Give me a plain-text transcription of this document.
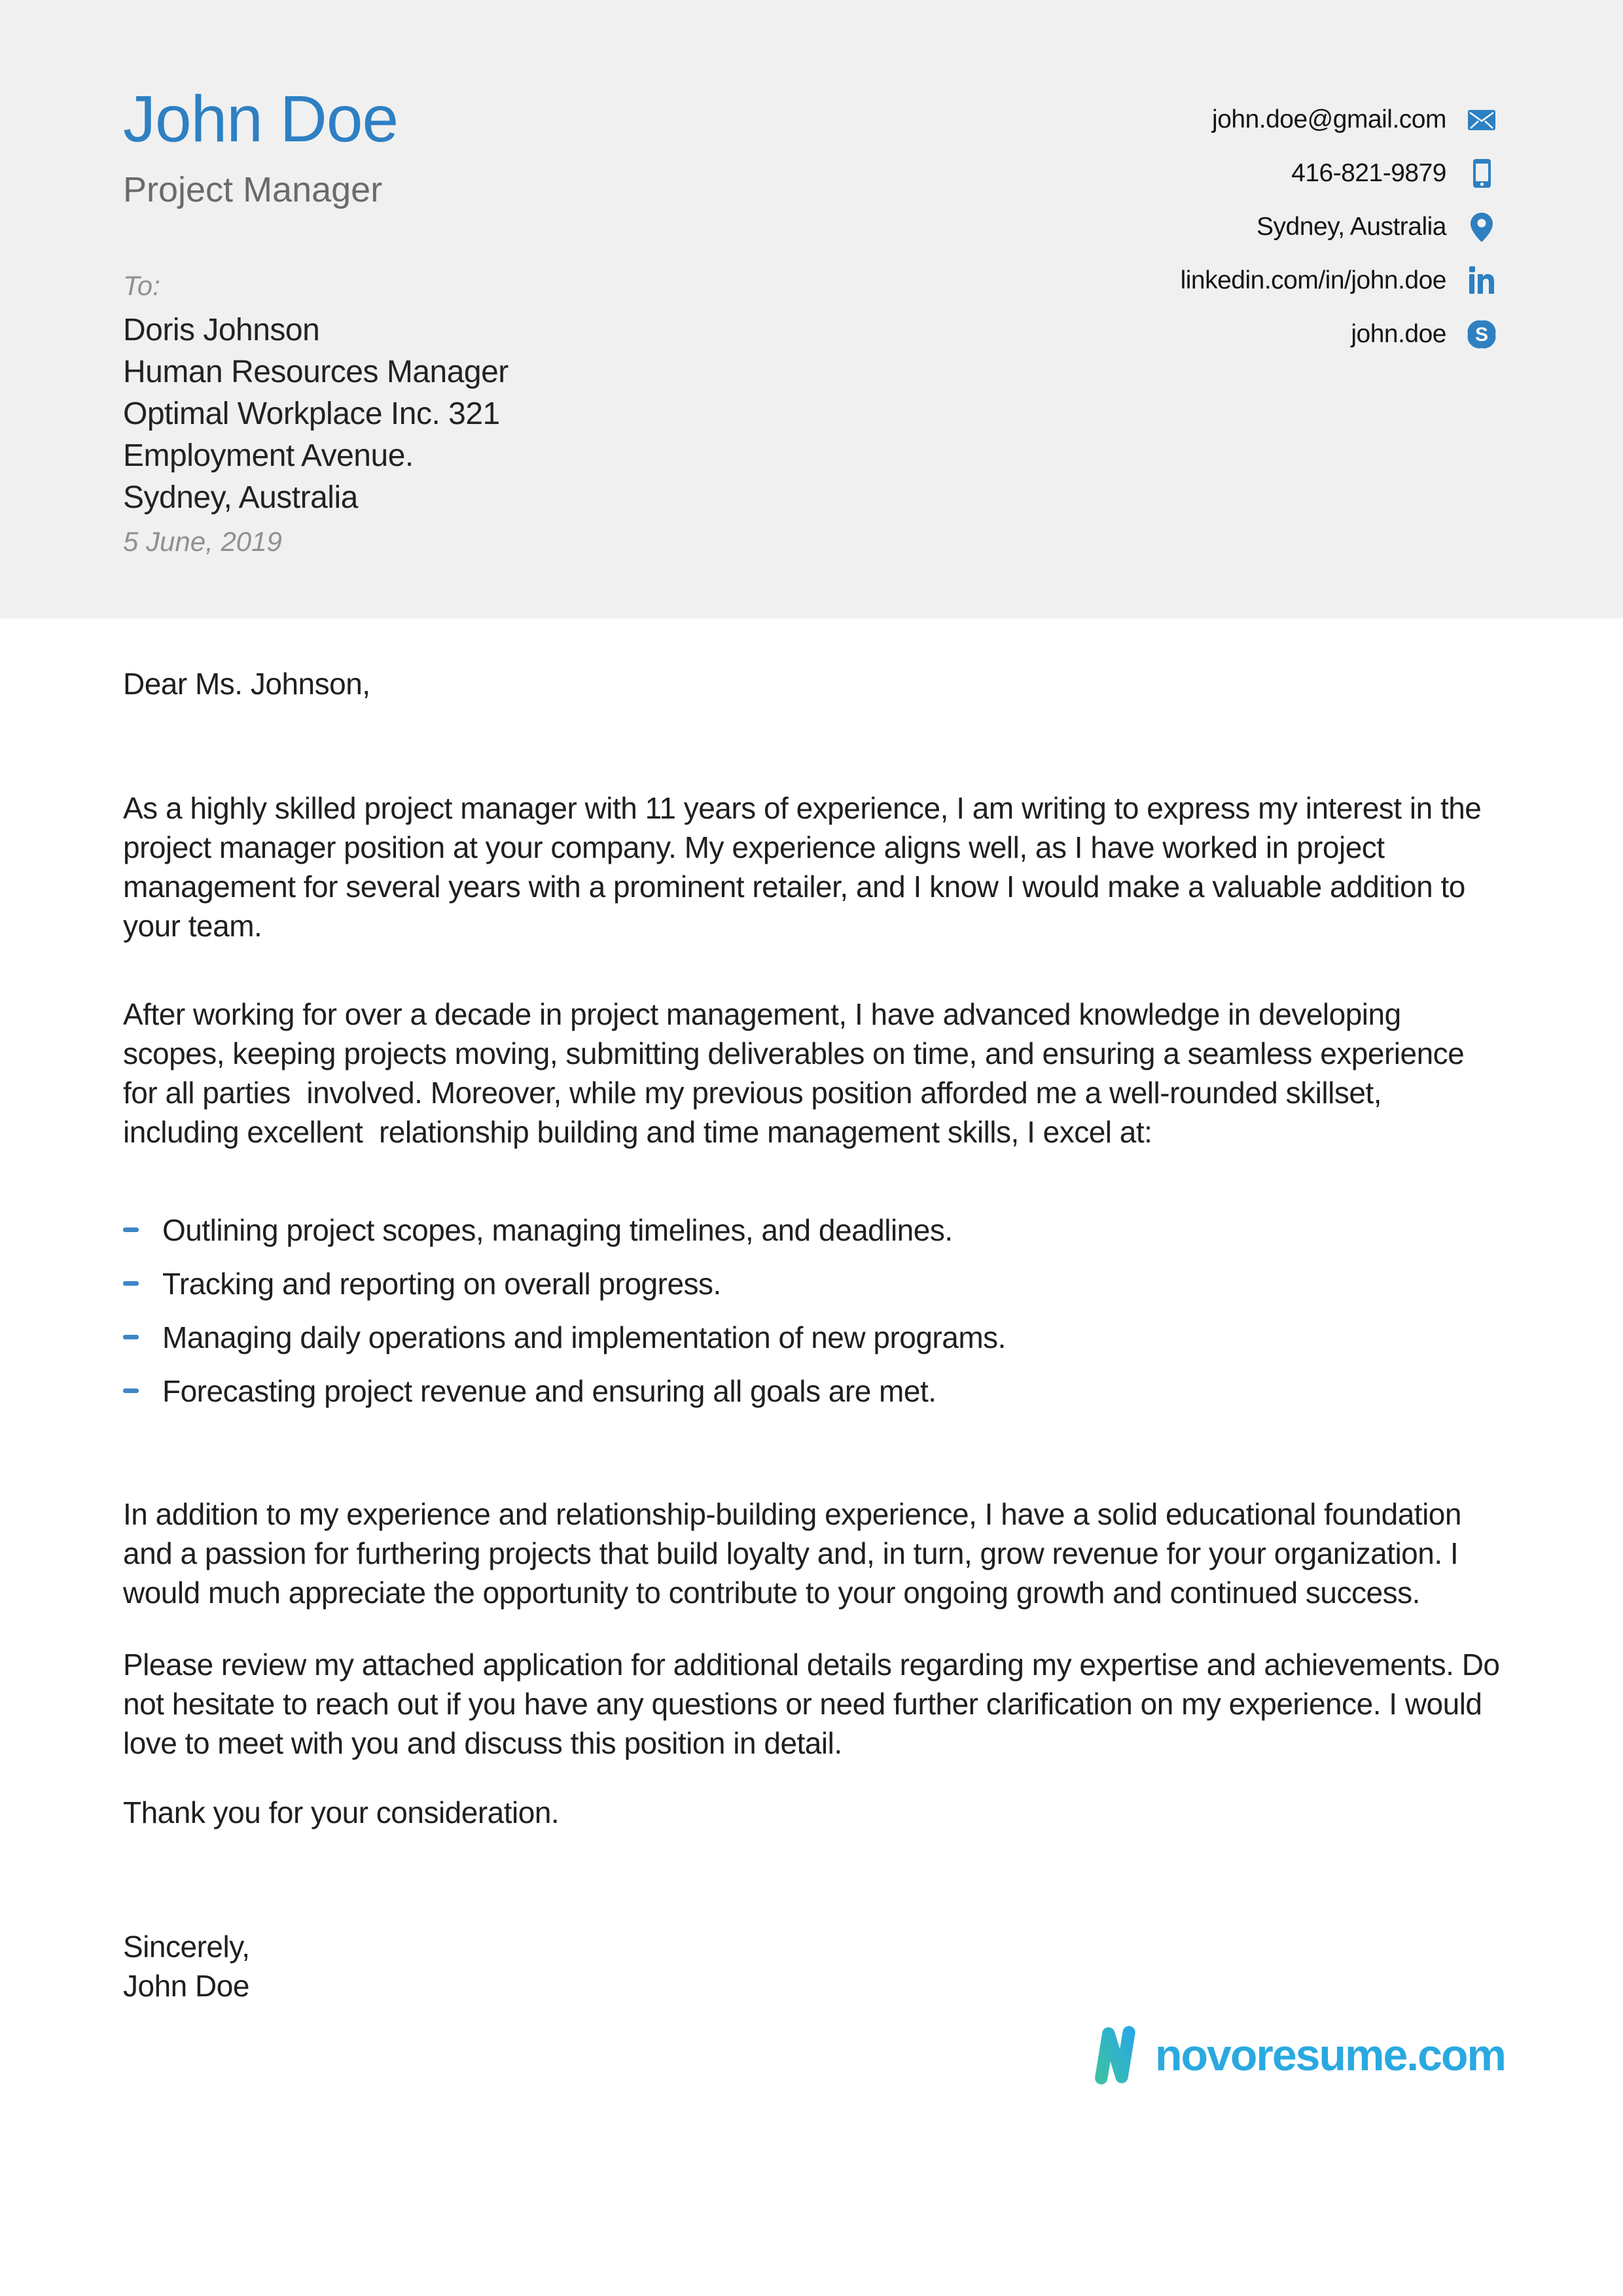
John Doe
Project Manager
john.doe@gmail.com
416-821-9879
Sydney, Australia
linkedin.com/in/john.doe
john.doe S
To:
Doris Johnson
Human Resources Manager
Optimal Workplace Inc. 321
Employment Avenue.
Sydney, Australia
5 June, 2019
Dear Ms. Johnson,

As a highly skilled project manager with 11 years of experience, I am writing to express my interest in the project manager position at your company. My experience aligns well, as I have worked in project management for several years with a prominent retailer, and I know I would make a valuable addition to your team.

After working for over a decade in project management, I have advanced knowledge in developing scopes, keeping projects moving, submitting deliverables on time, and ensuring a seamless experience for all parties  involved. Moreover, while my previous position afforded me a well-rounded skillset, including excellent  relationship building and time management skills, I excel at:

Outlining project scopes, managing timelines, and deadlines.
Tracking and reporting on overall progress.
Managing daily operations and implementation of new programs.
Forecasting project revenue and ensuring all goals are met.

In addition to my experience and relationship-building experience, I have a solid educational foundation and a passion for furthering projects that build loyalty and, in turn, grow revenue for your organization. I would much appreciate the opportunity to contribute to your ongoing growth and continued success.

Please review my attached application for additional details regarding my expertise and achievements. Do not hesitate to reach out if you have any questions or need further clarification on my experience. I would  love to meet with you and discuss this position in detail.

Thank you for your consideration.
Sincerely,
John Doe
novoresume.com
